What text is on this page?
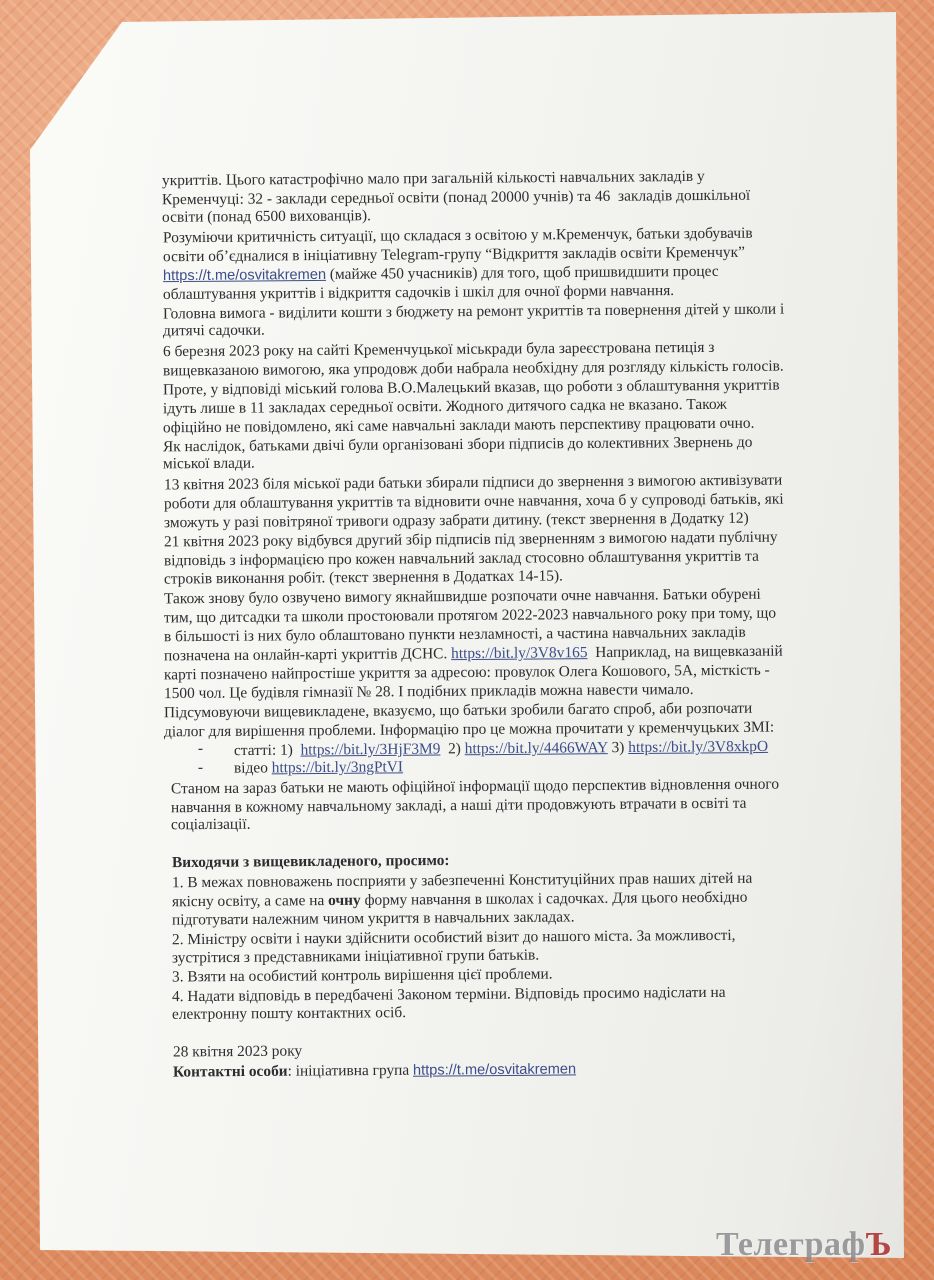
укриттів. Цього катастрофічно мало при загальній кількості навчальних закладів у
Кременчуці: 32 - заклади середньої освіти (понад 20000 учнів) та 46  закладів дошкільної
освіти (понад 6500 вихованців).
Розуміючи критичність ситуації, що складася з освітою у м.Кременчук, батьки здобувачів
освіти об’єдналися в ініціативну Telegram-групу “Відкриття закладів освіти Кременчук”
https://t.me/osvitakremen (майже 450 учасників) для того, щоб пришвидшити процес
облаштування укриттів і відкриття садочків і шкіл для очної форми навчання.
Головна вимога - виділити кошти з бюджету на ремонт укриттів та повернення дітей у школи і
дитячі садочки.
6 березня 2023 року на сайті Кременчуцької міськради була зареєстрована петиція з
вищевказаною вимогою, яка упродовж доби набрала необхідну для розгляду кількість голосів.
Проте, у відповіді міський голова В.О.Малецький вказав, що роботи з облаштування укриттів
ідуть лише в 11 закладах середньої освіти. Жодного дитячого садка не вказано. Також
офіційно не повідомлено, які саме навчальні заклади мають перспективу працювати очно.
Як наслідок, батьками двічі були організовані збори підписів до колективних Звернень до
міської влади.
13 квітня 2023 біля міської ради батьки збирали підписи до звернення з вимогою активізувати
роботи для облаштування укриттів та відновити очне навчання, хоча б у супроводі батьків, які
зможуть у разі повітряної тривоги одразу забрати дитину. (текст звернення в Додатку 12)
21 квітня 2023 року відбувся другий збір підписів під зверненням з вимогою надати публічну
відповідь з інформацією про кожен навчальний заклад стосовно облаштування укриттів та
строків виконання робіт. (текст звернення в Додатках 14-15).
Також знову було озвучено вимогу якнайшвидше розпочати очне навчання. Батьки обурені
тим, що дитсадки та школи простоювали протягом 2022-2023 навчального року при тому, що
в більшості із них було облаштовано пункти незламності, а частина навчальних закладів
позначена на онлайн-карті укриттів ДСНС. https://bit.ly/3V8v165  Наприклад, на вищевказаній
карті позначено найпростіше укриття за адресою: провулок Олега Кошового, 5А, місткість -
1500 чол. Це будівля гімназії № 28. І подібних прикладів можна навести чимало.
Підсумовуючи вищевикладене, вказуємо, що батьки зробили багато спроб, аби розпочати
діалог для вирішення проблеми. Інформацію про це можна прочитати у кременчуцьких ЗМІ:
- статті: 1)  https://bit.ly/3HjF3M9  2) https://bit.ly/4466WAY 3) https://bit.ly/3V8xkpO
- відео https://bit.ly/3ngPtVI
Станом на зараз батьки не мають офіційної інформації щодо перспектив відновлення очного
навчання в кожному навчальному закладі, а наші діти продовжують втрачати в освіті та
соціалізації.
Виходячи з вищевикладеного, просимо:
1. В межах повноважень посприяти у забезпеченні Конституційних прав наших дітей на
якісну освіту, а саме на очну форму навчання в школах і садочках. Для цього необхідно
підготувати належним чином укриття в навчальних закладах.
2. Міністру освіти і науки здійснити особистий візит до нашого міста. За можливості,
зустрітися з представниками ініціативної групи батьків.
3. Взяти на особистий контроль вирішення цієї проблеми.
4. Надати відповідь в передбачені Законом терміни. Відповідь просимо надіслати на
електронну пошту контактних осіб.
28 квітня 2023 року
Контактні особи: ініціативна група https://t.me/osvitakremen
ТелеграфЪ
